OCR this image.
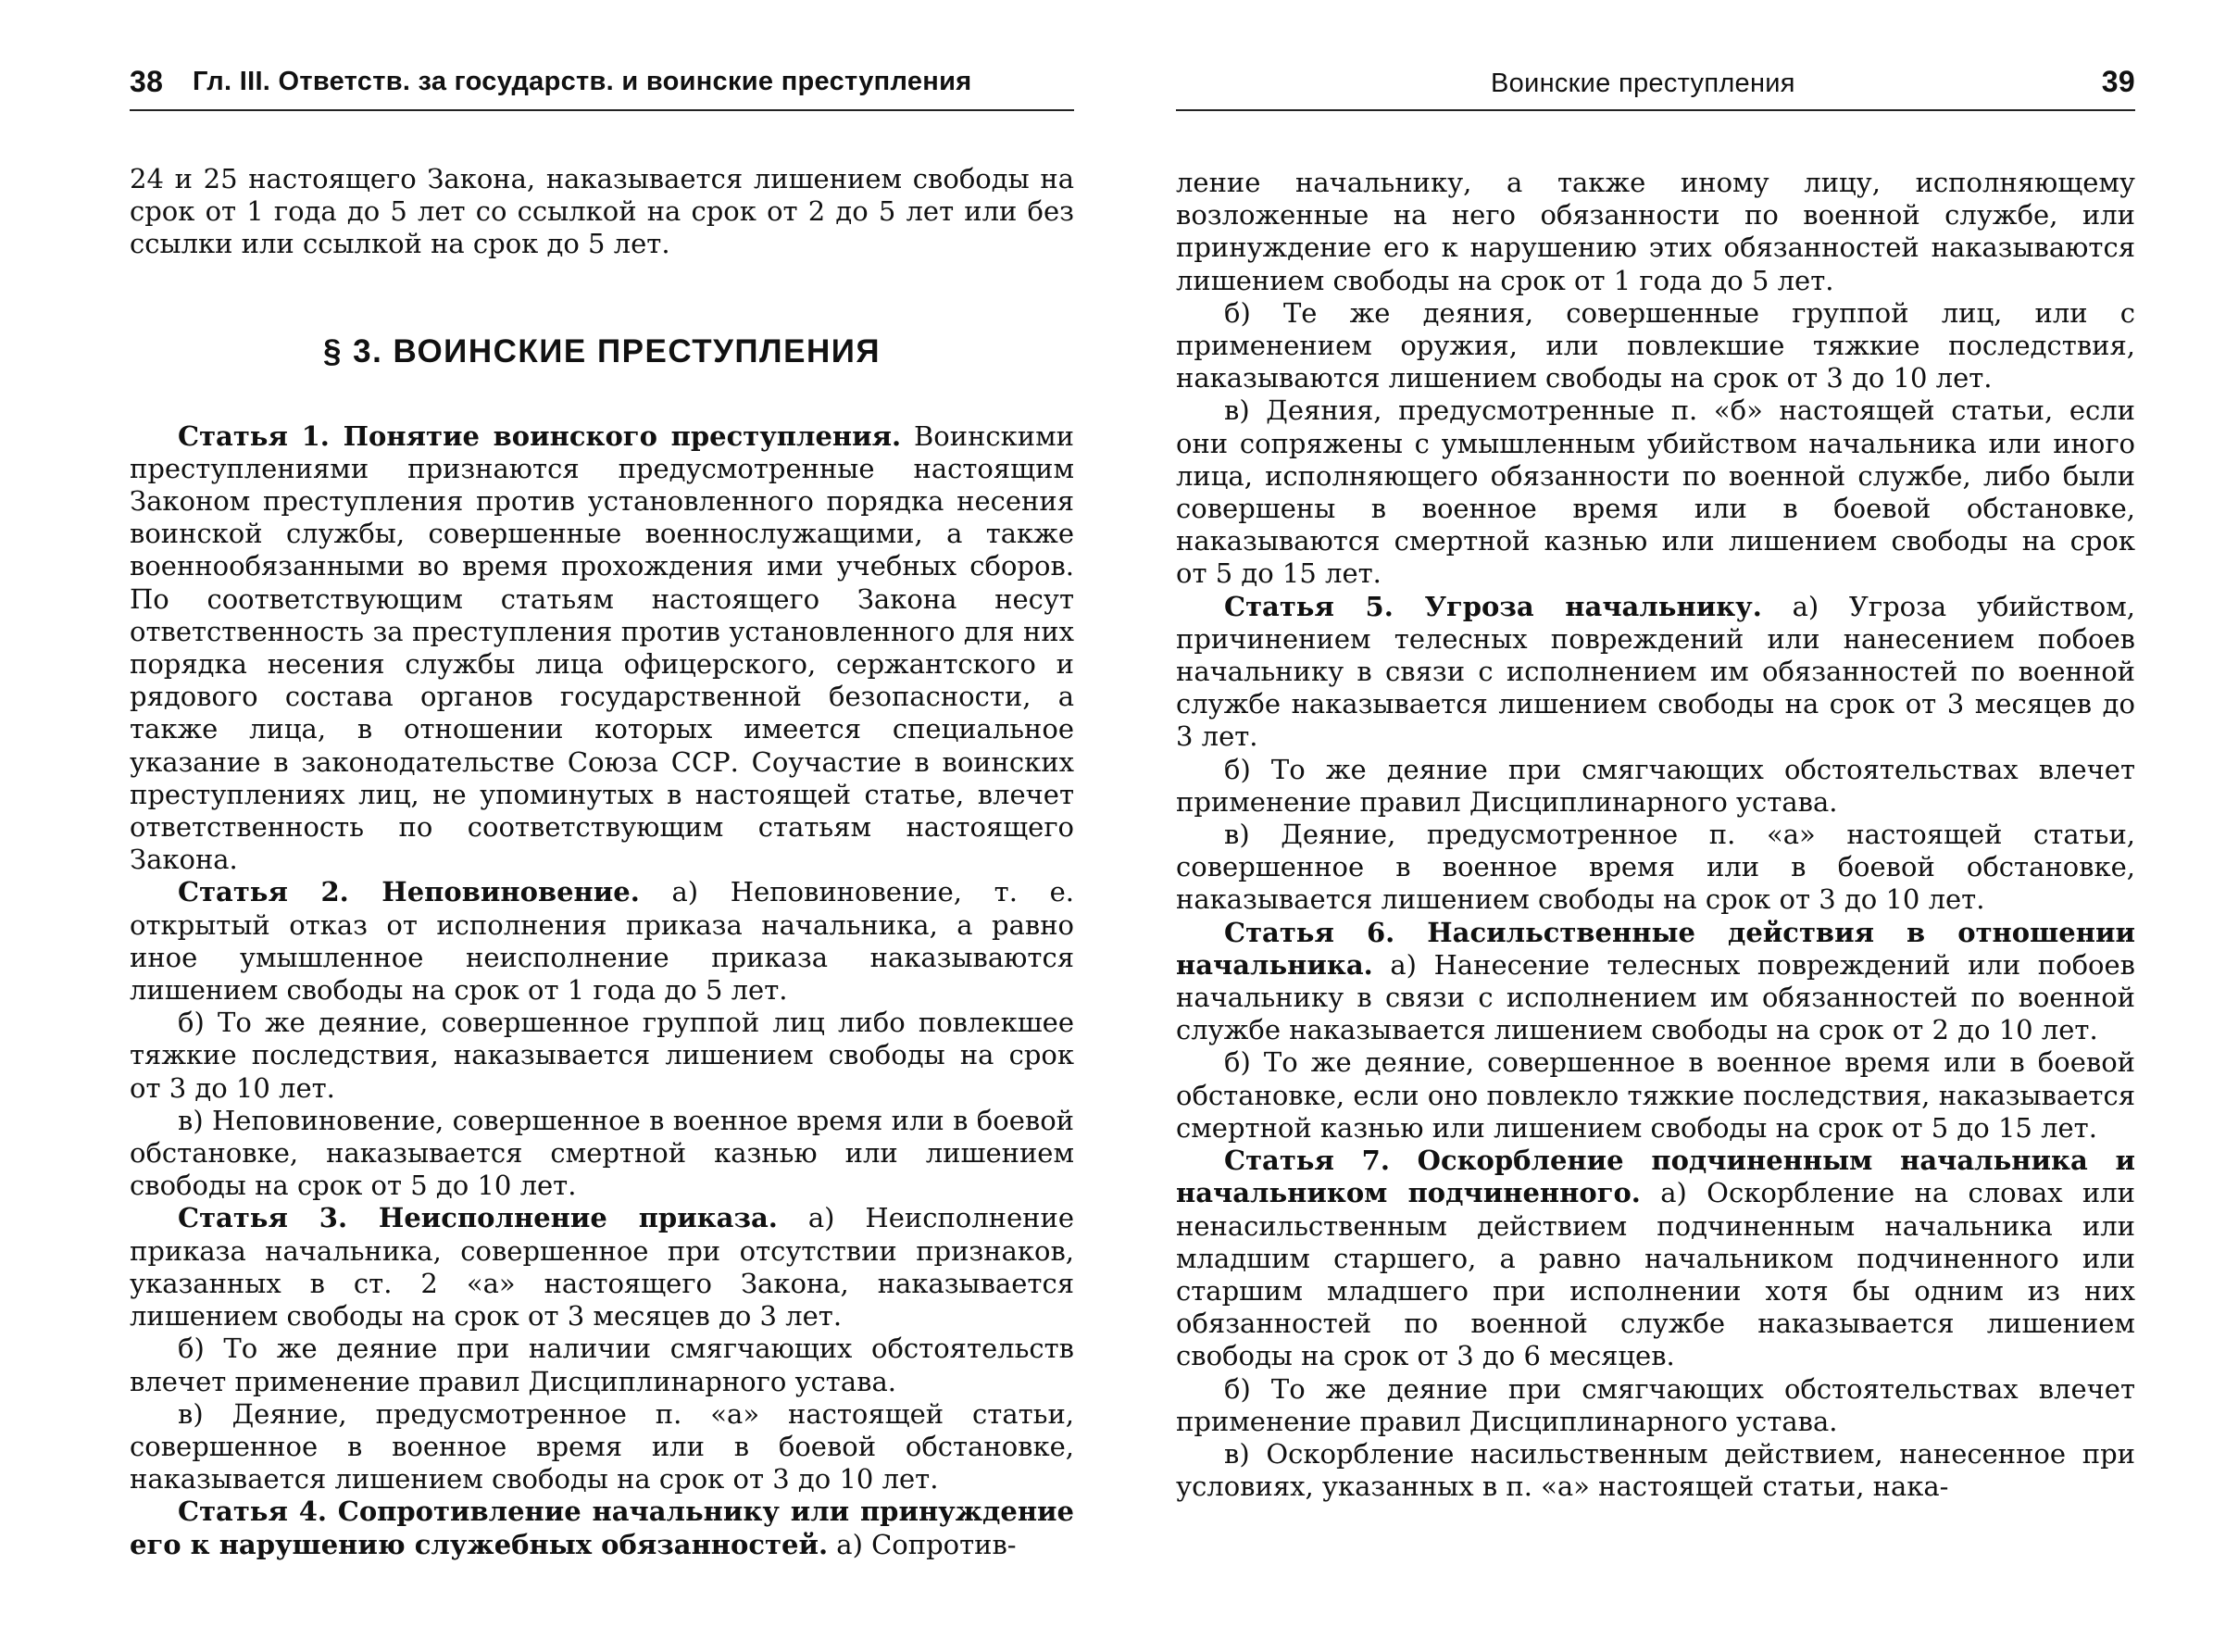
38 Гл. III. Ответств. за государств. и воинские преступления

24 и 25 настоящего Закона, наказывается лишением свободы на срок от 1 года до 5 лет со ссылкой на срок от 2 до 5 лет или без ссылки или ссылкой на срок до 5 лет.

§ 3. ВОИНСКИЕ ПРЕСТУПЛЕНИЯ

Статья 1. Понятие воинского преступления. Воинскими преступлениями признаются предусмотренные настоящим Законом преступления против установленного порядка несения воинской службы, совершенные военнослужащими, а также военнообязанными во время прохождения ими учебных сборов. По соответствующим статьям настоящего Закона несут ответственность за преступления против установленного для них порядка несения службы лица офицерского, сержантского и рядового состава органов государственной безопасности, а также лица, в отношении которых имеется специальное указание в законодательстве Союза ССР. Соучастие в воинских преступлениях лиц, не упоминутых в настоящей статье, влечет ответственность по соответствующим статьям настоящего Закона.

Статья 2. Неповиновение. а) Неповиновение, т. е. открытый отказ от исполнения приказа начальника, а равно иное умышленное неисполнение приказа наказываются лишением свободы на срок от 1 года до 5 лет.

б) То же деяние, совершенное группой лиц либо повлекшее тяжкие последствия, наказывается лишением свободы на срок от 3 до 10 лет.

в) Неповиновение, совершенное в военное время или в боевой обстановке, наказывается смертной казнью или лишением свободы на срок от 5 до 10 лет.

Статья 3. Неисполнение приказа. а) Неисполнение приказа начальника, совершенное при отсутствии признаков, указанных в ст. 2 «а» настоящего Закона, наказывается лишением свободы на срок от 3 месяцев до 3 лет.

б) То же деяние при наличии смягчающих обстоятельств влечет применение правил Дисциплинарного устава.

в) Деяние, предусмотренное п. «а» настоящей статьи, совершенное в военное время или в боевой обстановке, наказывается лишением свободы на срок от 3 до 10 лет.

Статья 4. Сопротивление начальнику или принуждение его к нарушению служебных обязанностей. а) Сопротив-

Воинские преступления	39

ление начальнику, а также иному лицу, исполняющему возложенные на него обязанности по военной службе, или принуждение его к нарушению этих обязанностей наказываются лишением свободы на срок от 1 года до 5 лет.

б) Те же деяния, совершенные группой лиц, или с применением оружия, или повлекшие тяжкие последствия, наказываются лишением свободы на срок от 3 до 10 лет.

в) Деяния, предусмотренные п. «б» настоящей статьи, если они сопряжены с умышленным убийством начальника или иного лица, исполняющего обязанности по военной службе, либо были совершены в военное время или в боевой обстановке, наказываются смертной казнью или лишением свободы на срок от 5 до 15 лет.

Статья 5. Угроза начальнику. а) Угроза убийством, причинением телесных повреждений или нанесением побоев начальнику в связи с исполнением им обязанностей по военной службе наказывается лишением свободы на срок от 3 месяцев до 3 лет.

б) То же деяние при смягчающих обстоятельствах влечет применение правил Дисциплинарного устава.

в) Деяние, предусмотренное п. «а» настоящей статьи, совершенное в военное время или в боевой обстановке, наказывается лишением свободы на срок от 3 до 10 лет.

Статья 6. Насильственные действия в отношении начальника. а) Нанесение телесных повреждений или побоев начальнику в связи с исполнением им обязанностей по военной службе наказывается лишением свободы на срок от 2 до 10 лет.

б) То же деяние, совершенное в военное время или в боевой обстановке, если оно повлекло тяжкие последствия, наказывается смертной казнью или лишением свободы на срок от 5 до 15 лет.

Статья 7. Оскорбление подчиненным начальника и начальником подчиненного. а) Оскорбление на словах или ненасильственным действием подчиненным начальника или младшим старшего, а равно начальником подчиненного или старшим младшего при исполнении хотя бы одним из них обязанностей по военной службе наказывается лишением свободы на срок от 3 до 6 месяцев.

б) То же деяние при смягчающих обстоятельствах влечет применение правил Дисциплинарного устава.

в) Оскорбление насильственным действием, нанесенное при условиях, указанных в п. «а» настоящей статьи, нака-
